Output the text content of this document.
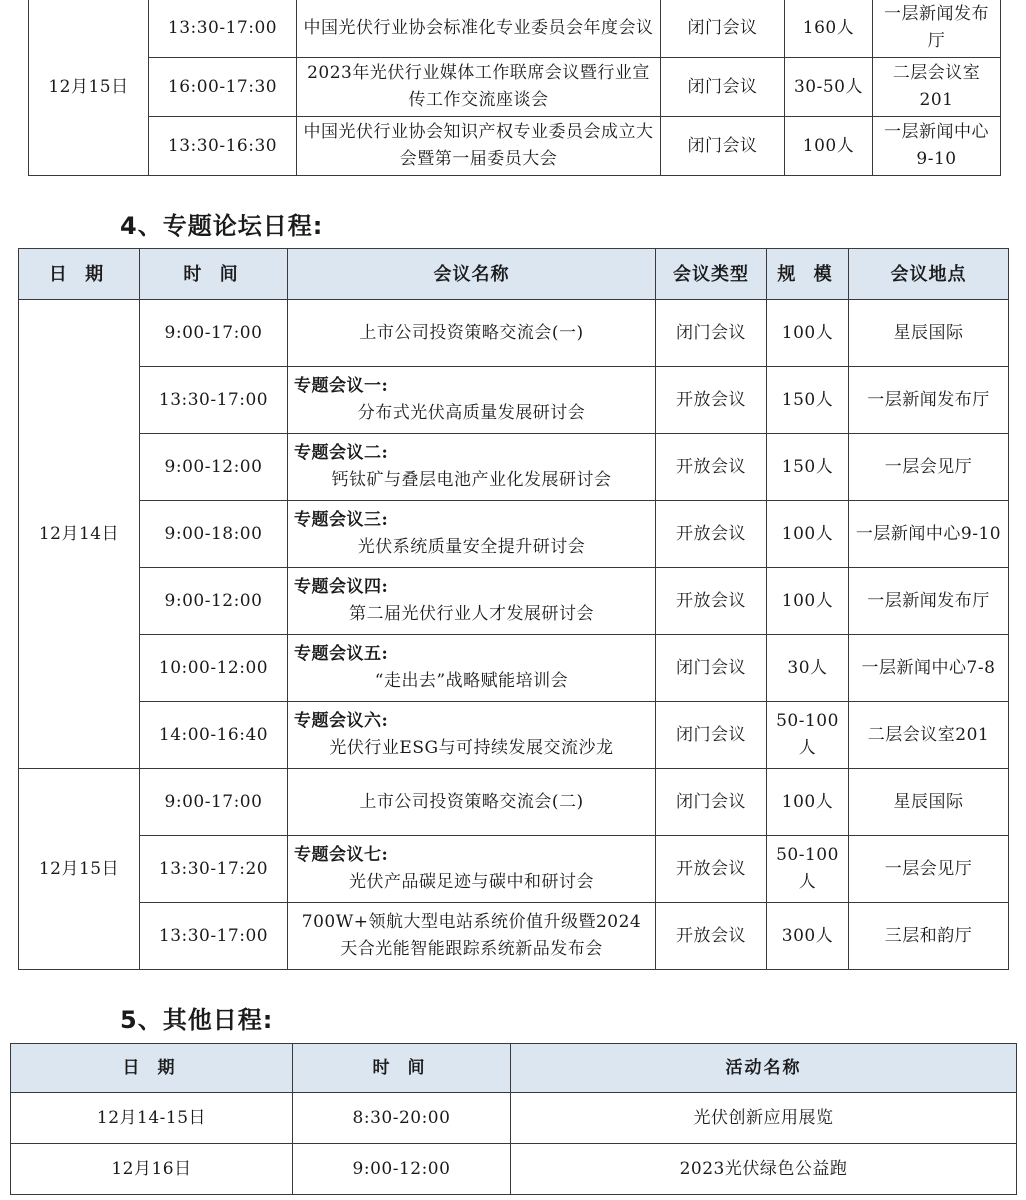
12月15日	13:30-17:00	中国光伏行业协会标准化专业委员会年度会议	闭门会议	160人	一层新闻发布厅
	16:00-17:30	2023年光伏行业媒体工作联席会议暨行业宣传工作交流座谈会	闭门会议	30-50人	二层会议室201
	13:30-16:30	中国光伏行业协会知识产权专业委员会成立大会暨第一届委员大会	闭门会议	100人	一层新闻中心9-10
4、专题论坛日程:
日 期	时 间	会议名称	会议类型	规 模	会议地点
12月14日	9:00-17:00	上市公司投资策略交流会(一)	闭门会议	100人	星辰国际
	13:30-17:00	专题会议一:
分布式光伏高质量发展研讨会	开放会议	150人	一层新闻发布厅
	9:00-12:00	专题会议二:
钙钛矿与叠层电池产业化发展研讨会	开放会议	150人	一层会见厅
	9:00-18:00	专题会议三:
光伏系统质量安全提升研讨会	开放会议	100人	一层新闻中心9-10
	9:00-12:00	专题会议四:
第二届光伏行业人才发展研讨会	开放会议	100人	一层新闻发布厅
	10:00-12:00	专题会议五:
“走出去”战略赋能培训会	闭门会议	30人	一层新闻中心7-8
	14:00-16:40	专题会议六:
光伏行业ESG与可持续发展交流沙龙	闭门会议	50-100人	二层会议室201
12月15日	9:00-17:00	上市公司投资策略交流会(二)	闭门会议	100人	星辰国际
	13:30-17:20	专题会议七:
光伏产品碳足迹与碳中和研讨会	开放会议	50-100人	一层会见厅
	13:30-17:00	700W+领航大型电站系统价值升级暨2024天合光能智能跟踪系统新品发布会	开放会议	300人	三层和韵厅
5、其他日程:
日 期	时 间	活动名称
12月14-15日	8:30-20:00	光伏创新应用展览
12月16日	9:00-12:00	2023光伏绿色公益跑
